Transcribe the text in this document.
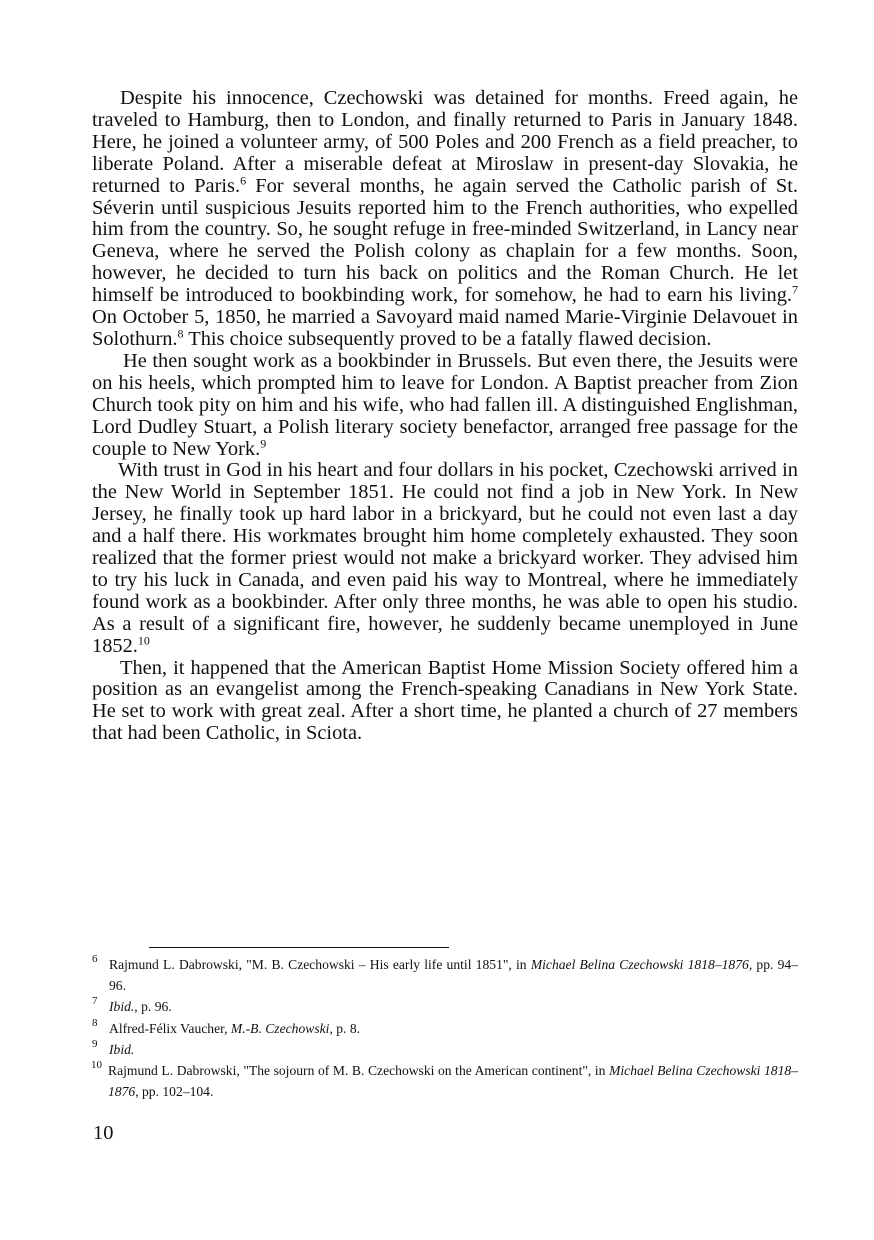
Despite his innocence, Czechowski was detained for months. Freed again, he traveled to Hamburg, then to London, and finally returned to Paris in January 1848. Here, he joined a volunteer army, of 500 Poles and 200 French as a field preacher, to liberate Poland. After a miserable defeat at Miroslaw in present-day Slovakia, he returned to Paris.$^6$ For several months, he again served the Catholic parish of St. Séverin until suspicious Jesuits reported him to the French authorities, who expelled him from the country. So, he sought refuge in free-minded Switzerland, in Lancy near Geneva, where he served the Polish colony as chaplain for a few months. Soon, however, he decided to turn his back on politics and the Roman Church. He let himself be introduced to bookbinding work, for somehow, he had to earn his living.$^7$ On October 5, 1850, he married a Savoyard maid named Marie-Virginie Delavouet in Solothurn.$^8$ This choice subsequently proved to be a fatally flawed decision.

He then sought work as a bookbinder in Brussels. But even there, the Jesuits were on his heels, which prompted him to leave for London. A Baptist preacher from Zion Church took pity on him and his wife, who had fallen ill. A distinguished Englishman, Lord Dudley Stuart, a Polish literary society benefactor, arranged free passage for the couple to New York.$^9$

With trust in God in his heart and four dollars in his pocket, Czechowski arrived in the New World in September 1851. He could not find a job in New York. In New Jersey, he finally took up hard labor in a brickyard, but he could not even last a day and a half there. His workmates brought him home completely exhausted. They soon realized that the former priest would not make a brickyard worker. They advised him to try his luck in Canada, and even paid his way to Montreal, where he immediately found work as a bookbinder. After only three months, he was able to open his studio. As a result of a significant fire, however, he suddenly became unemployed in June 1852.10

Then, it happened that the American Baptist Home Mission Society offered him a position as an evangelist among the French-speaking Canadians in New York State. He set to work with great zeal. After a short time, he planted a church of 27 members that had been Catholic, in Sciota.

6 Rajmund L. Dabrowski, "M. B. Czechowski – His early life until 1851", in Michael Belina Czechowski 1818–1876, pp. 94–96.
7 Ibid., p. 96.
8 Alfred-Félix Vaucher, M.-B. Czechowski, p. 8.
9 Ibid.
10 Rajmund L. Dabrowski, "The sojourn of M. B. Czechowski on the American continent", in Michael Belina Czechowski 1818–1876, pp. 102–104.
10
